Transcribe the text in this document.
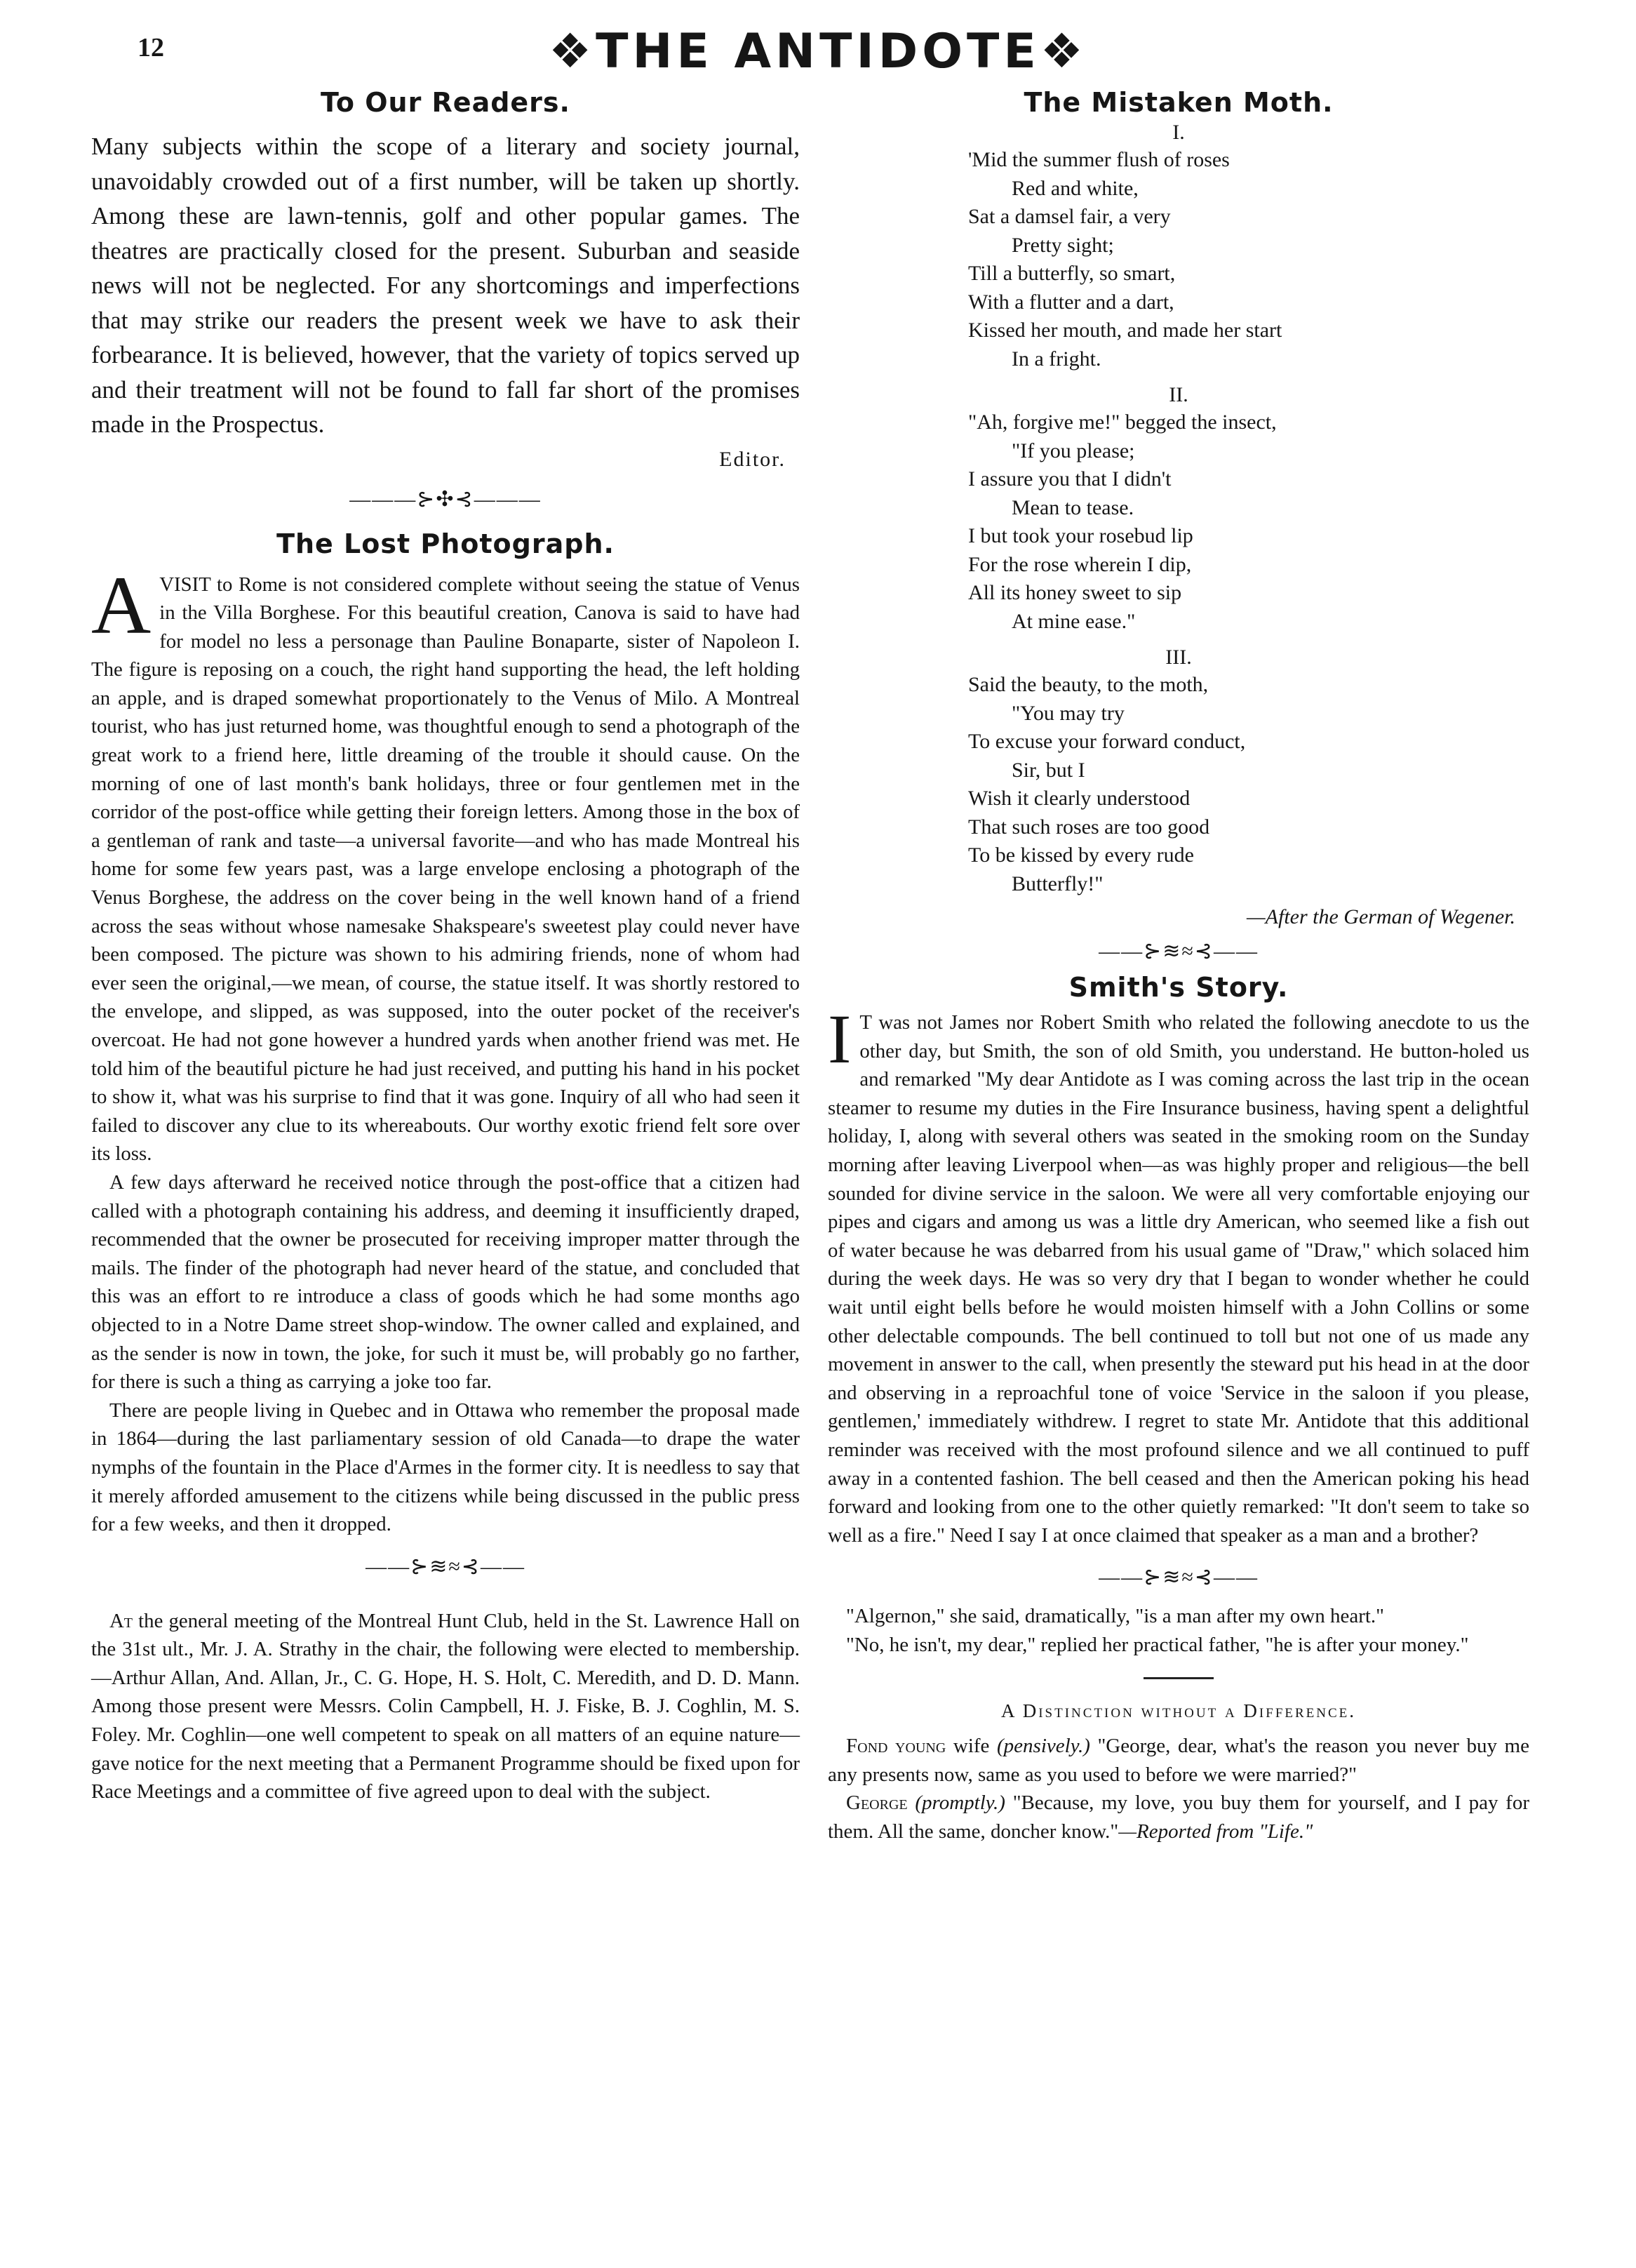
12	❖THE ANTIDOTE❖
To Our Readers.

Many subjects within the scope of a literary and society journal, unavoidably crowded out of a first number, will be taken up shortly. Among these are lawn-tennis, golf and other popular games. The theatres are practically closed for the present. Suburban and seaside news will not be neglected. For any shortcomings and imperfections that may strike our readers the present week we have to ask their forbearance. It is believed, however, that the variety of topics served up and their treatment will not be found to fall far short of the promises made in the Prospectus.

Editor.
———⊱✣⊰———
The Lost Photograph.

AVISIT to Rome is not considered complete without seeing the statue of Venus in the Villa Borghese. For this beautiful creation, Canova is said to have had for model no less a personage than Pauline Bonaparte, sister of Napoleon I. The figure is reposing on a couch, the right hand supporting the head, the left holding an apple, and is draped somewhat proportionately to the Venus of Milo. A Montreal tourist, who has just returned home, was thoughtful enough to send a photograph of the great work to a friend here, little dreaming of the trouble it should cause. On the morning of one of last month's bank holidays, three or four gentlemen met in the corridor of the post-office while getting their foreign letters. Among those in the box of a gentleman of rank and taste—a universal favorite—and who has made Montreal his home for some few years past, was a large envelope enclosing a photograph of the Venus Borghese, the address on the cover being in the well known hand of a friend across the seas without whose namesake Shakspeare's sweetest play could never have been composed. The picture was shown to his admiring friends, none of whom had ever seen the original,—we mean, of course, the statue itself. It was shortly restored to the envelope, and slipped, as was supposed, into the outer pocket of the receiver's overcoat. He had not gone however a hundred yards when another friend was met. He told him of the beautiful picture he had just received, and putting his hand in his pocket to show it, what was his surprise to find that it was gone. Inquiry of all who had seen it failed to discover any clue to its whereabouts. Our worthy exotic friend felt sore over its loss.

A few days afterward he received notice through the post-office that a citizen had called with a photograph containing his address, and deeming it insufficiently draped, recommended that the owner be prosecuted for receiving improper matter through the mails. The finder of the photograph had never heard of the statue, and concluded that this was an effort to re introduce a class of goods which he had some months ago objected to in a Notre Dame street shop-window. The owner called and explained, and as the sender is now in town, the joke, for such it must be, will probably go no farther, for there is such a thing as carrying a joke too far.

There are people living in Quebec and in Ottawa who remember the proposal made in 1864—during the last parliamentary session of old Canada—to drape the water nymphs of the fountain in the Place d'Armes in the former city. It is needless to say that it merely afforded amusement to the citizens while being discussed in the public press for a few weeks, and then it dropped.

——⊱≋≈⊰——

At the general meeting of the Montreal Hunt Club, held in the St. Lawrence Hall on the 31st ult., Mr. J. A. Strathy in the chair, the following were elected to membership.—Arthur Allan, And. Allan, Jr., C. G. Hope, H. S. Holt, C. Meredith, and D. D. Mann. Among those present were Messrs. Colin Campbell, H. J. Fiske, B. J. Coghlin, M. S. Foley. Mr. Coghlin—one well competent to speak on all matters of an equine nature—gave notice for the next meeting that a Permanent Programme should be fixed upon for Race Meetings and a committee of five agreed upon to deal with the subject.

The Mistaken Moth.
I.
'Mid the summer flush of roses
Red and white,
Sat a damsel fair, a very
Pretty sight;
Till a butterfly, so smart,
With a flutter and a dart,
Kissed her mouth, and made her start
In a fright.
II.
"Ah, forgive me!" begged the insect,
"If you please;
I assure you that I didn't
Mean to tease.
I but took your rosebud lip
For the rose wherein I dip,
All its honey sweet to sip
At mine ease."
III.
Said the beauty, to the moth,
"You may try
To excuse your forward conduct,
Sir, but I
Wish it clearly understood
That such roses are too good
To be kissed by every rude
Butterfly!"
—After the German of Wegener.
——⊱≋≈⊰——
Smith's Story.

I T was not James nor Robert Smith who related the following anecdote to us the other day, but Smith, the son of old Smith, you understand. He button-holed us and remarked "My dear Antidote as I was coming across the last trip in the ocean steamer to resume my duties in the Fire Insurance business, having spent a delightful holiday, I, along with several others was seated in the smoking room on the Sunday morning after leaving Liverpool when—as was highly proper and religious—the bell sounded for divine service in the saloon. We were all very comfortable enjoying our pipes and cigars and among us was a little dry American, who seemed like a fish out of water because he was debarred from his usual game of "Draw," which solaced him during the week days. He was so very dry that I began to wonder whether he could wait until eight bells before he would moisten himself with a John Collins or some other delectable compounds. The bell continued to toll but not one of us made any movement in answer to the call, when presently the steward put his head in at the door and observing in a reproachful tone of voice 'Service in the saloon if you please, gentlemen,' immediately withdrew. I regret to state Mr. Antidote that this additional reminder was received with the most profound silence and we all continued to puff away in a contented fashion. The bell ceased and then the American poking his head forward and looking from one to the other quietly remarked: "It don't seem to take so well as a fire." Need I say I at once claimed that speaker as a man and a brother?

——⊱≋≈⊰——

"Algernon," she said, dramatically, "is a man after my own heart."

"No, he isn't, my dear," replied her practical father, "he is after your money."

A Distinction without a Difference.

Fond young wife (pensively.) "George, dear, what's the reason you never buy me any presents now, same as you used to before we were married?"

George (promptly.) "Because, my love, you buy them for yourself, and I pay for them. All the same, doncher know."—Reported from "Life."
